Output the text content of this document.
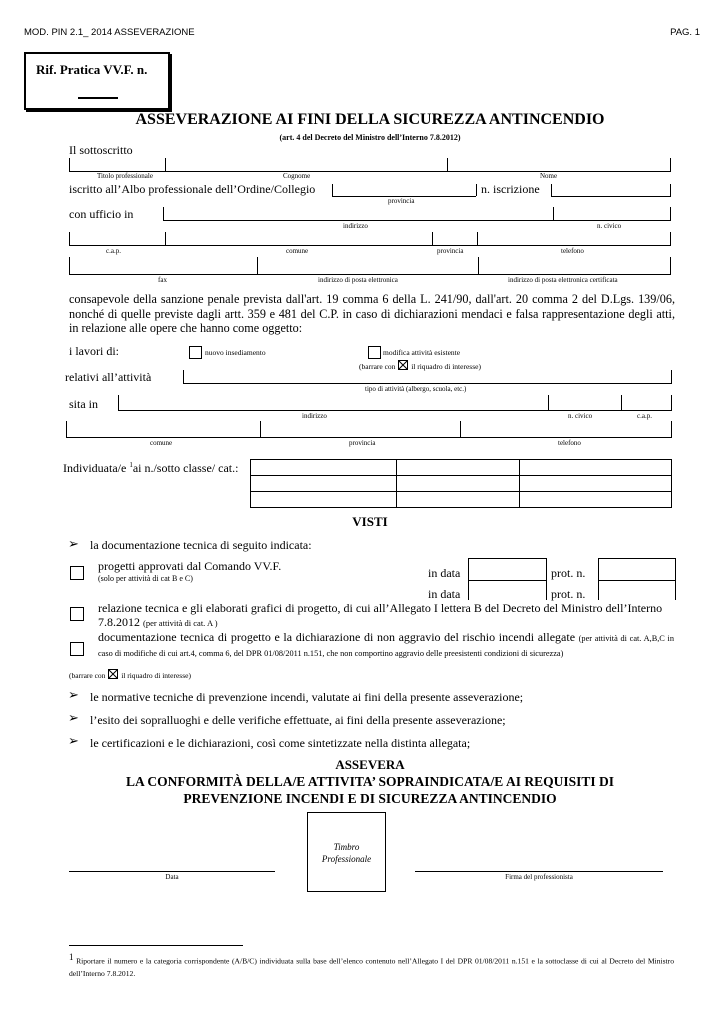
MOD. PIN 2.1_ 2014 ASSEVERAZIONE	PAG. 1
Rif. Pratica VV.F. n.
ASSEVERAZIONE AI FINI DELLA SICUREZZA ANTINCENDIO
(art. 4 del Decreto del Ministro dell’Interno 7.8.2012)
Il sottoscritto
Titolo professionale	Cognome	Nome
iscritto all’Albo professionale dell’Ordine/Collegio
provincia
n. iscrizione
con ufficio in
indirizzo	n. civico
c.a.p.	comune	provincia	telefono
fax	indirizzo di posta elettronica	indirizzo di posta elettronica certificata
consapevole della sanzione penale prevista dall'art. 19 comma 6 della L. 241/90, dall'art. 20 comma 2 del D.Lgs. 139/06, nonché di quelle previste dagli artt. 359 e 481 del C.P. in caso di dichiarazioni mendaci e falsa rappresentazione degli atti, in relazione alle opere che hanno come oggetto:
i lavori di:	nuovo insediamento	modifica attività esistente
(barrare con ☒ il riquadro di interesse)
relativi all’attività
tipo di attività (albergo, scuola, etc.)
sita in
indirizzo	n. civico	c.a.p.
comune	provincia	telefono
Individuata/e $^1$ai n./sotto classe/ cat.:

VISTI
➢ la documentazione tecnica di seguito indicata:
progetti approvati dal Comando VV.F.
(solo per attività di cat B e C)	in data	prot. n.
in data	prot. n.
relazione tecnica e gli elaborati grafici di progetto, di cui all’Allegato I lettera B del Decreto del Ministro dell’Interno 7.8.2012 (per attività di cat. A )
documentazione tecnica di progetto e la dichiarazione di non aggravio del rischio incendi allegate (per attività di cat. A,B,C in caso di modifiche di cui art.4, comma 6, del DPR 01/08/2011 n.151, che non comportino aggravio delle preesistenti condizioni di sicurezza)
(barrare con ☒ il riquadro di interesse)
➢ le normative tecniche di prevenzione incendi, valutate ai fini della presente asseverazione;
➢ l’esito dei sopralluoghi e delle verifiche effettuate, ai fini della presente asseverazione;
➢ le certificazioni e le dichiarazioni, così come sintetizzate nella distinta allegata;
ASSEVERA
LA CONFORMITÀ DELLA/E ATTIVITA’ SOPRAINDICATA/E AI REQUISITI DI
PREVENZIONE INCENDI E DI SICUREZZA ANTINCENDIO
Timbro
Professionale
Data	Firma del professionista
$^1$ Riportare il numero e la categoria corrispondente (A/B/C) individuata sulla base dell’elenco contenuto nell’Allegato I del DPR 01/08/2011 n.151 e la sottoclasse di cui al Decreto del Ministro dell’Interno 7.8.2012.
